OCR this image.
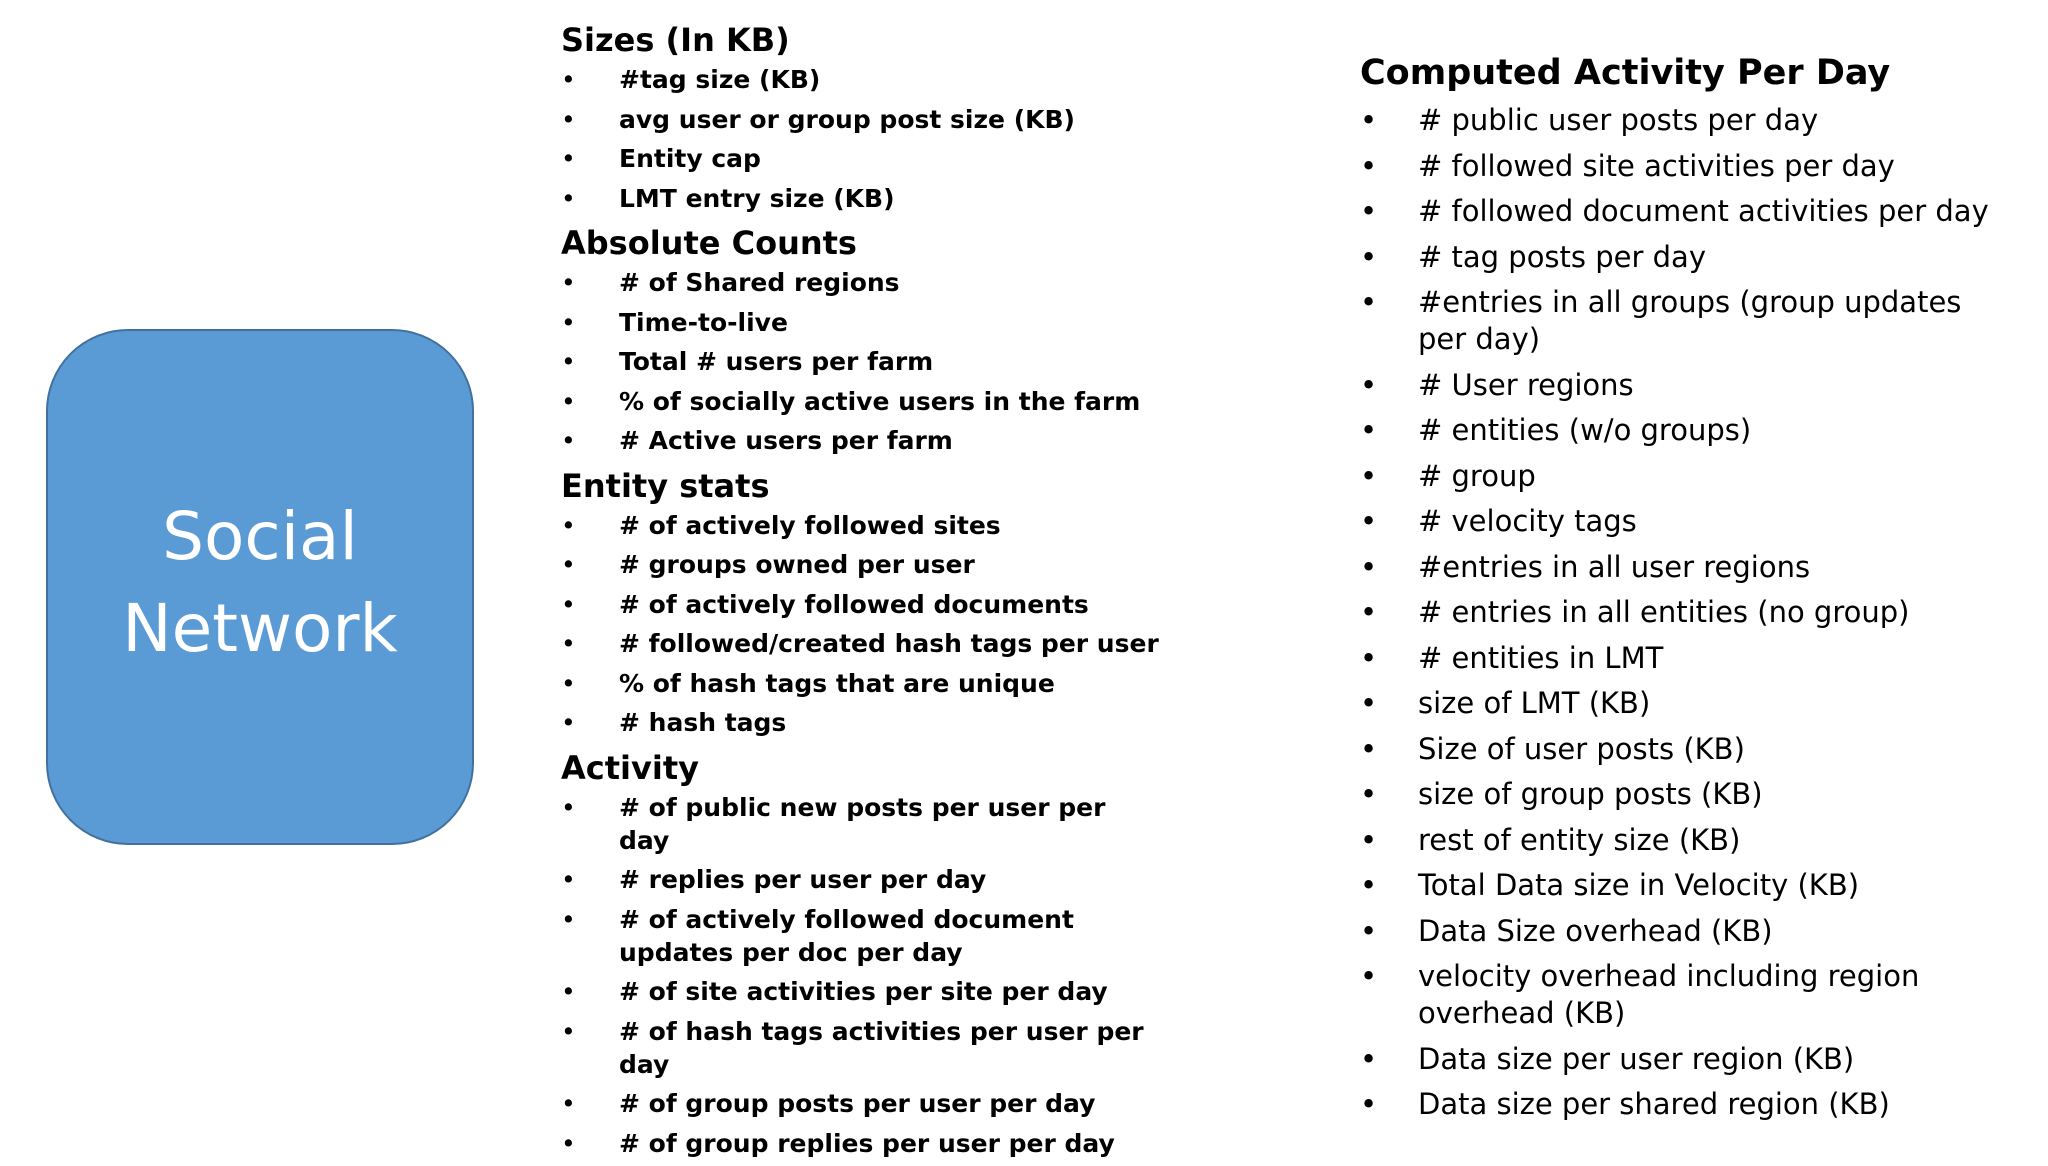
Social
Network
Sizes (In KB)
• #tag size (KB)
• avg user or group post size (KB)
• Entity cap
• LMT entry size (KB)
Absolute Counts
• # of Shared regions
• Time-to-live
• Total # users per farm
• % of socially active users in the farm
• # Active users per farm
Entity stats
• # of actively followed sites
• # groups owned per user
• # of actively followed documents
• # followed/created hash tags per user
• % of hash tags that are unique
• # hash tags
Activity
• # of public new posts per user per day
• # replies per user per day
• # of actively followed document
updates per doc per day
• # of site activities per site per day
• # of hash tags activities per user per day
• # of group posts per user per day
• # of group replies per user per day
Computed Activity Per Day
• # public user posts per day
• # followed site activities per day
• # followed document activities per day
• # tag posts per day
• #entries in all groups (group updates
per day)
• # User regions
• # entities (w/o groups)
• # group
• # velocity tags
• #entries in all user regions
• # entries in all entities (no group)
• # entities in LMT
• size of LMT (KB)
• Size of user posts (KB)
• size of group posts (KB)
• rest of entity size (KB)
• Total Data size in Velocity (KB)
• Data Size overhead (KB)
• velocity overhead including region
overhead (KB)
• Data size per user region (KB)
• Data size per shared region (KB)
